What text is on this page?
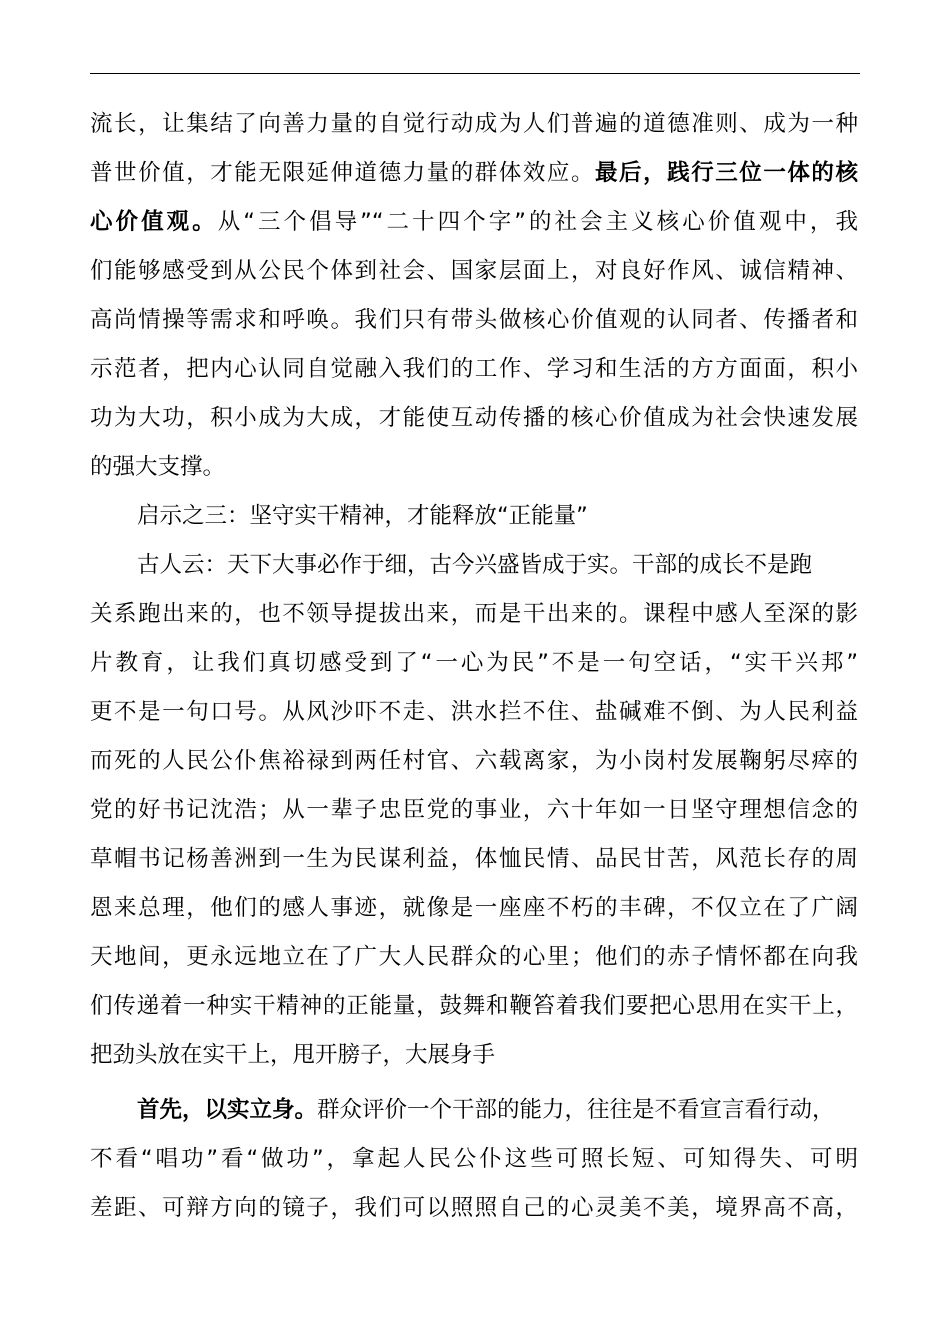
流长，让集结了向善力量的自觉行动成为人们普遍的道德准则、成为一种
普世价值，才能无限延伸道德力量的群体效应。最后，践行三位一体的核
心价值观。从“三个倡导”“二十四个字”的社会主义核心价值观中，我
们能够感受到从公民个体到社会、国家层面上，对良好作风、诚信精神、
高尚情操等需求和呼唤。我们只有带头做核心价值观的认同者、传播者和
示范者，把内心认同自觉融入我们的工作、学习和生活的方方面面，积小
功为大功，积小成为大成，才能使互动传播的核心价值成为社会快速发展
的强大支撑。
启示之三：坚守实干精神，才能释放“正能量”
古人云：天下大事必作于细，古今兴盛皆成于实。干部的成长不是跑
关系跑出来的，也不领导提拔出来，而是干出来的。课程中感人至深的影
片教育，让我们真切感受到了“一心为民”不是一句空话，“实干兴邦”
更不是一句口号。从风沙吓不走、洪水拦不住、盐碱难不倒、为人民利益
而死的人民公仆焦裕禄到两任村官、六载离家，为小岗村发展鞠躬尽瘁的
党的好书记沈浩；从一辈子忠臣党的事业，六十年如一日坚守理想信念的
草帽书记杨善洲到一生为民谋利益，体恤民情、品民甘苦，风范长存的周
恩来总理，他们的感人事迹，就像是一座座不朽的丰碑，不仅立在了广阔
天地间，更永远地立在了广大人民群众的心里；他们的赤子情怀都在向我
们传递着一种实干精神的正能量，鼓舞和鞭笞着我们要把心思用在实干上，
把劲头放在实干上，甩开膀子，大展身手
首先，以实立身。群众评价一个干部的能力，往往是不看宣言看行动，
不看“唱功”看“做功”，拿起人民公仆这些可照长短、可知得失、可明
差距、可辩方向的镜子，我们可以照照自己的心灵美不美，境界高不高，
